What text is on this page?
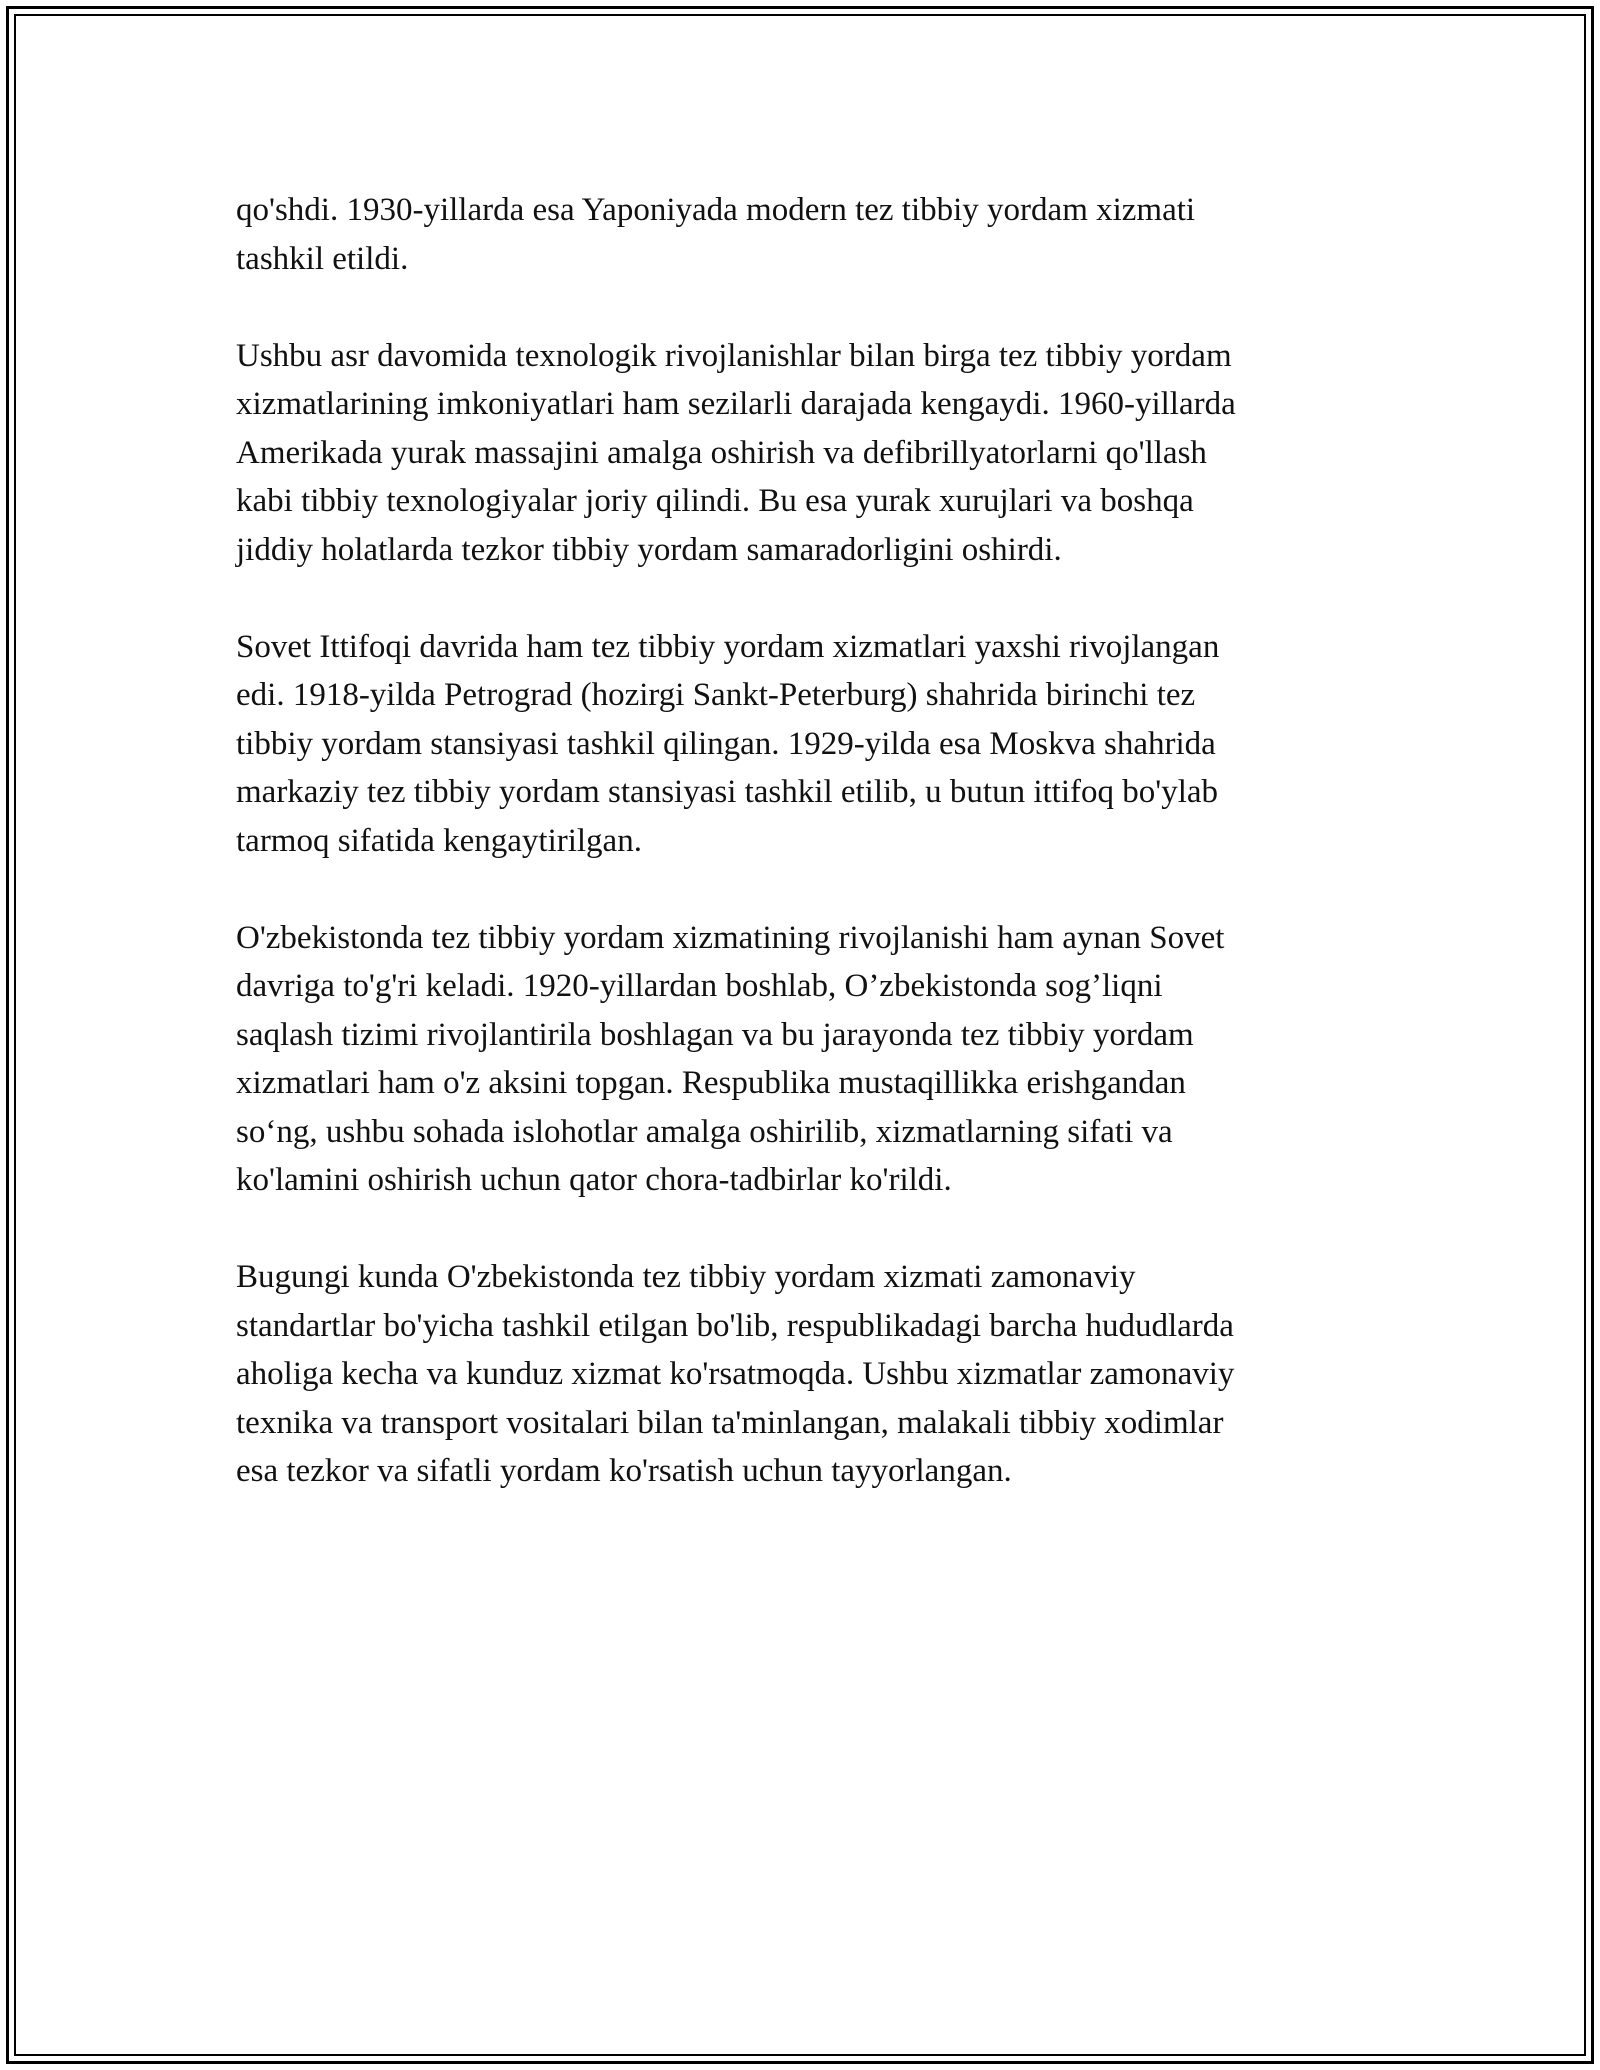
qo'shdi. 1930-yillarda esa Yaponiyada modern tez tibbiy yordam xizmati
tashkil etildi.

Ushbu asr davomida texnologik rivojlanishlar bilan birga tez tibbiy yordam
xizmatlarining imkoniyatlari ham sezilarli darajada kengaydi. 1960-yillarda
Amerikada yurak massajini amalga oshirish va defibrillyatorlarni qo'llash
kabi tibbiy texnologiyalar joriy qilindi. Bu esa yurak xurujlari va boshqa
jiddiy holatlarda tezkor tibbiy yordam samaradorligini oshirdi.

Sovet Ittifoqi davrida ham tez tibbiy yordam xizmatlari yaxshi rivojlangan
edi. 1918-yilda Petrograd (hozirgi Sankt-Peterburg) shahrida birinchi tez
tibbiy yordam stansiyasi tashkil qilingan. 1929-yilda esa Moskva shahrida
markaziy tez tibbiy yordam stansiyasi tashkil etilib, u butun ittifoq bo'ylab
tarmoq sifatida kengaytirilgan.

O'zbekistonda tez tibbiy yordam xizmatining rivojlanishi ham aynan Sovet
davriga to'g'ri keladi. 1920-yillardan boshlab, O’zbekistonda sog’liqni
saqlash tizimi rivojlantirila boshlagan va bu jarayonda tez tibbiy yordam
xizmatlari ham o'z aksini topgan. Respublika mustaqillikka erishgandan
so‘ng, ushbu sohada islohotlar amalga oshirilib, xizmatlarning sifati va
ko'lamini oshirish uchun qator chora-tadbirlar ko'rildi.

Bugungi kunda O'zbekistonda tez tibbiy yordam xizmati zamonaviy
standartlar bo'yicha tashkil etilgan bo'lib, respublikadagi barcha hududlarda
aholiga kecha va kunduz xizmat ko'rsatmoqda. Ushbu xizmatlar zamonaviy
texnika va transport vositalari bilan ta'minlangan, malakali tibbiy xodimlar
esa tezkor va sifatli yordam ko'rsatish uchun tayyorlangan.
